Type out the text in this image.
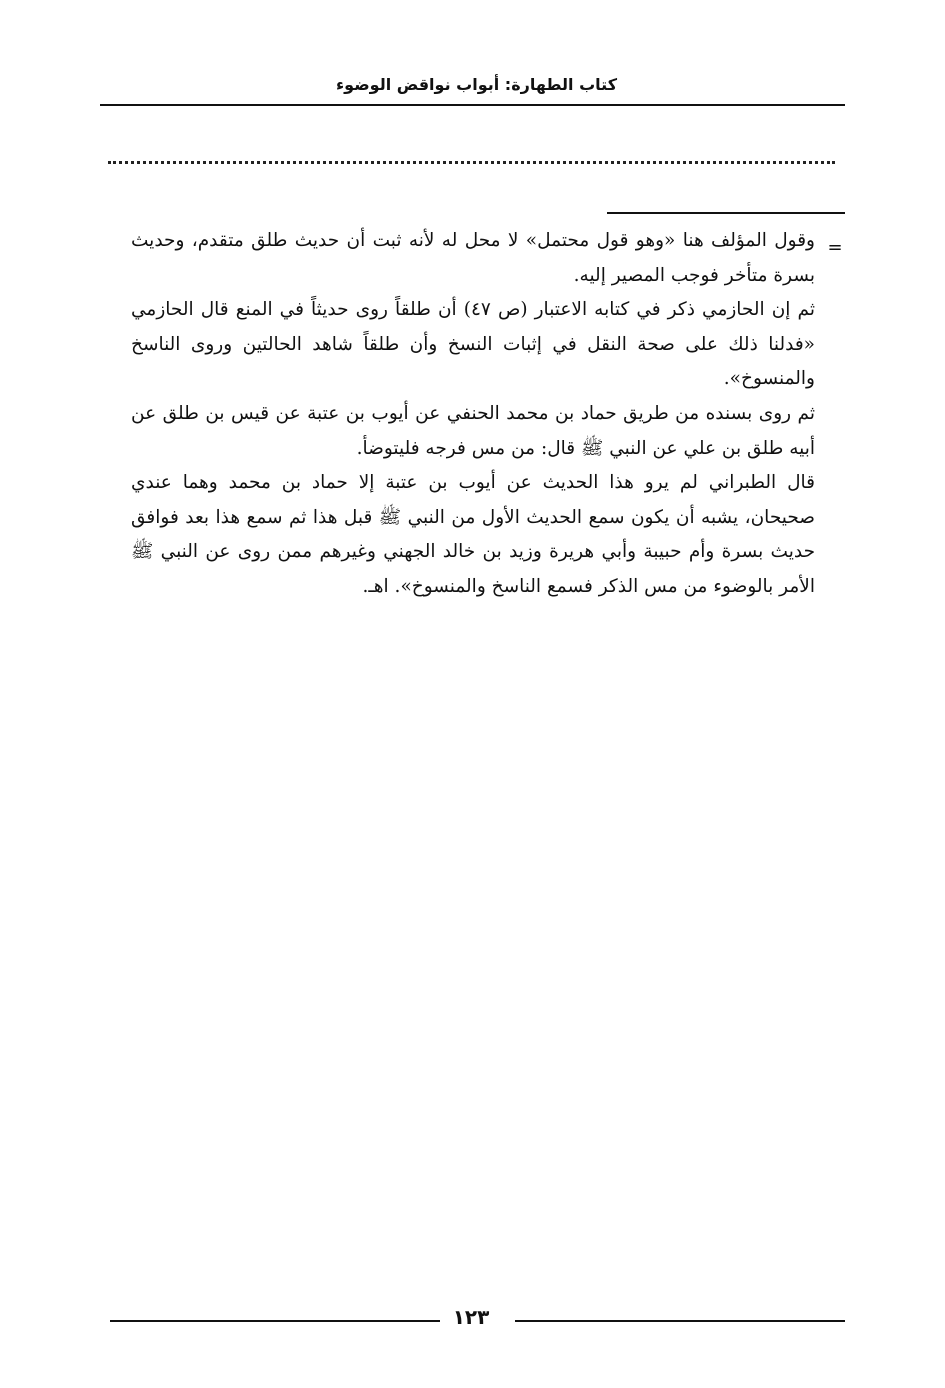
كتاب الطهارة: أبواب نواقض الوضوء
=

وقول المؤلف هنا «وهو قول محتمل» لا محل له لأنه ثبت أن حديث طلق متقدم، وحديث بسرة متأخر فوجب المصير إليه.

ثم إن الحازمي ذكر في كتابه الاعتبار (ص ٤٧) أن طلقاً روى حديثاً في المنع قال الحازمي «فدلنا ذلك على صحة النقل في إثبات النسخ وأن طلقاً شاهد الحالتين وروى الناسخ والمنسوخ».

ثم روى بسنده من طريق حماد بن محمد الحنفي عن أيوب بن عتبة عن قيس بن طلق عن أبيه طلق بن علي عن النبي ﷺ قال: من مس فرجه فليتوضأ.

قال الطبراني لم يرو هذا الحديث عن أيوب بن عتبة إلا حماد بن محمد وهما عندي صحيحان، يشبه أن يكون سمع الحديث الأول من النبي ﷺ قبل هذا ثم سمع هذا بعد فوافق حديث بسرة وأم حبيبة وأبي هريرة وزيد بن خالد الجهني وغيرهم ممن روى عن النبي ﷺ الأمر بالوضوء من مس الذكر فسمع الناسخ والمنسوخ». اهـ.

١٢٣
